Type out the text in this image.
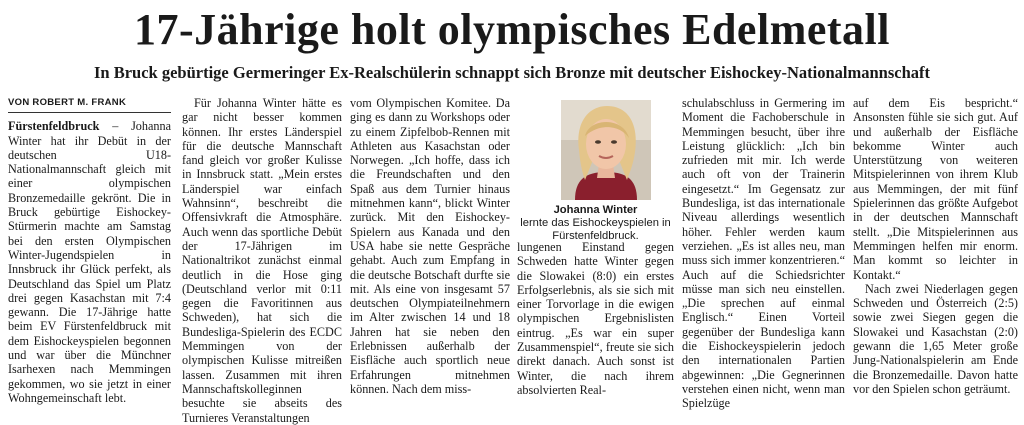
17-Jährige holt olympisches Edelmetall
In Bruck gebürtige Germeringer Ex-Realschülerin schnappt sich Bronze mit deutscher Eishockey-Nationalmannschaft

VON ROBERT M. FRANK

Fürstenfeldbruck – Johanna Winter hat ihr Debüt in der deutschen U18-Nationalmannschaft gleich mit einer olympischen Bronzemedaille gekrönt. Die in Bruck gebürtige Eishockey-Stürmerin machte am Samstag bei den ersten Olympischen Winter-Jugendspielen in Innsbruck ihr Glück perfekt, als Deutschland das Spiel um Platz drei gegen Kasachstan mit 7:4 gewann. Die 17-Jährige hatte beim EV Fürstenfeldbruck mit dem Eishockeyspielen begonnen und war über die Münchner Isarhexen nach Memmingen gekommen, wo sie jetzt in einer Wohngemeinschaft lebt.

Für Johanna Winter hätte es gar nicht besser kommen können. Ihr erstes Länderspiel für die deutsche Mannschaft fand gleich vor großer Kulisse in Innsbruck statt. „Mein erstes Länderspiel war einfach Wahnsinn“, beschreibt die Offensivkraft die Atmosphäre. Auch wenn das sportliche Debüt der 17-Jährigen im Nationaltrikot zunächst einmal deutlich in die Hose ging (Deutschland verlor mit 0:11 gegen die Favoritinnen aus Schweden), hat sich die Bundesliga-Spielerin des ECDC Memmingen von der olympischen Kulisse mitreißen lassen. Zusammen mit ihren Mannschaftskolleginnen besuchte sie abseits des Turnieres Veranstaltungen

vom Olympischen Komitee. Da ging es dann zu Workshops oder zu einem Zipfelbob-Rennen mit Athleten aus Kasachstan oder Norwegen. „Ich hoffe, dass ich die Freundschaften und den Spaß aus dem Turnier hinaus mitnehmen kann“, blickt Winter zurück. Mit den Eishockey-Spielern aus Kanada und den USA habe sie nette Gespräche gehabt. Auch zum Empfang in die deutsche Botschaft durfte sie mit. Als eine von insgesamt 57 deutschen Olympiateilnehmern im Alter zwischen 14 und 18 Jahren hat sie neben den Erlebnissen außerhalb der Eisfläche auch sportlich neue Erfahrungen mitnehmen können. Nach dem miss-

Johanna Winter
lernte das Eishockeyspielen in Fürstenfeldbruck.

lungenen Einstand gegen Schweden hatte Winter gegen die Slowakei (8:0) ein erstes Erfolgserlebnis, als sie sich mit einer Torvorlage in die ewigen olympischen Ergebnislisten eintrug. „Es war ein super Zusammenspiel“, freute sie sich direkt danach. Auch sonst ist Winter, die nach ihrem absolvierten Real-

schulabschluss in Germering im Moment die Fachoberschule in Memmingen besucht, über ihre Leistung glücklich: „Ich bin zufrieden mit mir. Ich werde auch oft von der Trainerin eingesetzt.“ Im Gegensatz zur Bundesliga, ist das internationale Niveau allerdings wesentlich höher. Fehler werden kaum verziehen. „Es ist alles neu, man muss sich immer konzentrieren.“ Auch auf die Schiedsrichter müsse man sich neu einstellen. „Die sprechen auf einmal Englisch.“ Einen Vorteil gegenüber der Bundesliga kann die Eishockeyspielerin jedoch den internationalen Partien abgewinnen: „Die Gegnerinnen verstehen einen nicht, wenn man Spielzüge

auf dem Eis bespricht.“ Ansonsten fühle sie sich gut. Auf und außerhalb der Eisfläche bekomme Winter auch Unterstützung von weiteren Mitspielerinnen von ihrem Klub aus Memmingen, der mit fünf Spielerinnen das größte Aufgebot in der deutschen Mannschaft stellt. „Die Mitspielerinnen aus Memmingen helfen mir enorm. Man kommt so leichter in Kontakt.“

Nach zwei Niederlagen gegen Schweden und Österreich (2:5) sowie zwei Siegen gegen die Slowakei und Kasachstan (2:0) gewann die 1,65 Meter große Jung-Nationalspielerin am Ende die Bronzemedaille. Davon hatte vor den Spielen schon geträumt.
